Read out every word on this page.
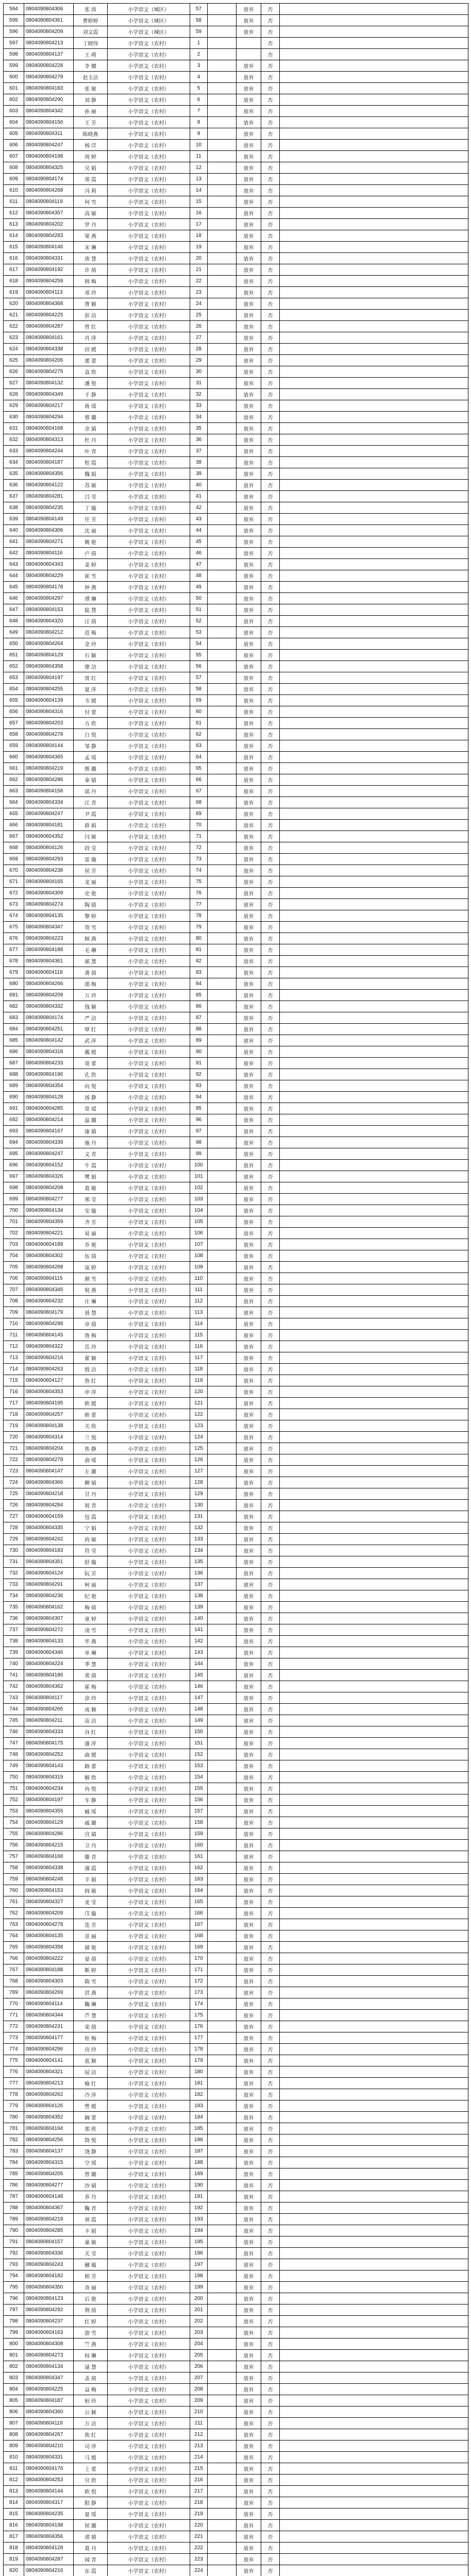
594	0804090804306	张 涛	小学语文（城区）	57		放弃	否	
595	0804090804361	曹婷婷	小学语文（城区）	58		放弃	否	
596	0804090804209	刘文霞	小学语文（城区）	59		放弃	否	
597	0804090804213	丁晓伟	小学语文（农村）	1			否	
598	0804090804137	王 萌	小学语文（农村）	2			否	
599	0804090804228	李 娜	小学语文（农村）	3		放弃	否	
600	0804090804279	赵玉洁	小学语文（农村）	4		放弃	否	
601	0804090804183	张 敏	小学语文（农村）	5		放弃	否	
602	0804090804290	刘 静	小学语文（农村）	6		放弃	否	
603	0804090804342	孙 丽	小学语文（农村）	7		放弃	否	
604	0804090804156	王 芳	小学语文（农村）	8		放弃	否	
605	0804090804311	陈晓燕	小学语文（农村）	9		放弃	否	
606	0804090804247	杨 洋	小学语文（农村）	10		放弃	否	
607	0804090804198	周 婷	小学语文（农村）	11		放弃	否	
608	0804090804325	吴 娟	小学语文（农村）	12		放弃	否	
609	0804090804174	郑 霞	小学语文（农村）	13		放弃	否	
610	0804090804268	冯 莉	小学语文（农村）	14		放弃	否	
611	0804090804119	何 雪	小学语文（农村）	15		放弃	否	
612	0804090804357	高 敏	小学语文（农村）	16		放弃	否	
613	0804090804202	罗 丹	小学语文（农村）	17		放弃	否	
614	0804090804283	梁 燕	小学语文（农村）	18		放弃	否	
615	0804090804146	宋 琳	小学语文（农村）	19		放弃	否	
616	0804090804331	唐 慧	小学语文（农村）	20		放弃	否	
617	0804090804192	许 倩	小学语文（农村）	21		放弃	否	
618	0804090804259	韩 梅	小学语文（农村）	22		放弃	否	
619	0804090804113	邓 玲	小学语文（农村）	23		放弃	否	
620	0804090804368	曹 颖	小学语文（农村）	24		放弃	否	
621	0804090804225	彭 洁	小学语文（农村）	25		放弃	否	
622	0804090804287	曾 红	小学语文（农村）	26		放弃	否	
623	0804090804161	肖 萍	小学语文（农村）	27		放弃	否	
624	0804090804338	田 媛	小学语文（农村）	28		放弃	否	
625	0804090804206	董 蕾	小学语文（农村）	29		放弃	否	
626	0804090804275	袁 欣	小学语文（农村）	30		放弃	否	
627	0804090804132	潘 悦	小学语文（农村）	31		放弃	否	
628	0804090804349	于 静	小学语文（农村）	32		放弃	否	
629	0804090804217	蒋 瑶	小学语文（农村）	33		放弃	否	
630	0804090804294	蔡 璐	小学语文（农村）	34		放弃	否	
631	0804090804168	余 婧	小学语文（农村）	35		放弃	否	
632	0804090804313	杜 丹	小学语文（农村）	36		放弃	否	
633	0804090804244	叶 青	小学语文（农村）	37		放弃	否	
634	0804090804187	程 霞	小学语文（农村）	38		放弃	否	
635	0804090804356	魏 娟	小学语文（农村）	39		放弃	否	
636	0804090804122	苏 敏	小学语文（农村）	40		放弃	否	
637	0804090804281	吕 莹	小学语文（农村）	41		放弃	否	
638	0804090804235	丁 璇	小学语文（农村）	42		放弃	否	
639	0804090804149	任 芳	小学语文（农村）	43		放弃	否	
640	0804090804306	沈 丽	小学语文（农村）	44		放弃	否	
641	0804090804271	姚 艳	小学语文（农村）	45		放弃	否	
642	0804090804116	卢 倩	小学语文（农村）	46		放弃	否	
643	0804090804343	姜 婷	小学语文（农村）	47		放弃	否	
644	0804090804229	崔 雪	小学语文（农村）	48		放弃	否	
645	0804090804178	钟 燕	小学语文（农村）	49		放弃	否	
646	0804090804297	谭 琳	小学语文（农村）	50		放弃	否	
647	0804090804153	陆 慧	小学语文（农村）	51		放弃	否	
648	0804090804320	汪 倩	小学语文（农村）	52		放弃	否	
649	0804090804212	范 梅	小学语文（农村）	53		放弃	否	
650	0804090804264	金 玲	小学语文（农村）	54		放弃	否	
651	0804090804129	石 颖	小学语文（农村）	55		放弃	否	
652	0804090804358	廖 洁	小学语文（农村）	56		放弃	否	
653	0804090804197	贾 红	小学语文（农村）	57		放弃	否	
654	0804090804255	夏 萍	小学语文（农村）	58		放弃	否	
655	0804090804139	韦 媛	小学语文（农村）	59		放弃	否	
656	0804090804316	付 蕾	小学语文（农村）	60		放弃	否	
657	0804090804203	方 欣	小学语文（农村）	61		放弃	否	
658	0804090804278	白 悦	小学语文（农村）	62		放弃	否	
659	0804090804144	邹 静	小学语文（农村）	63		放弃	否	
660	0804090804365	孟 瑶	小学语文（农村）	64		放弃	否	
661	0804090804219	熊 璐	小学语文（农村）	65		放弃	否	
662	0804090804286	秦 婧	小学语文（农村）	66		放弃	否	
663	0804090804158	邱 丹	小学语文（农村）	67		放弃	否	
664	0804090804334	江 青	小学语文（农村）	68		放弃	否	
665	0804090804247	尹 霞	小学语文（农村）	69		放弃	否	
666	0804090804181	薛 娟	小学语文（农村）	70		放弃	否	
667	0804090804352	闫 敏	小学语文（农村）	71		放弃	否	
668	0804090804126	段 莹	小学语文（农村）	72		放弃	否	
669	0804090804293	雷 璇	小学语文（农村）	73		放弃	否	
670	0804090804238	侯 芳	小学语文（农村）	74		放弃	否	
671	0804090804165	龙 丽	小学语文（农村）	75		放弃	否	
672	0804090804309	史 艳	小学语文（农村）	76		放弃	否	
673	0804090804274	陶 倩	小学语文（农村）	77		放弃	否	
674	0804090804135	黎 婷	小学语文（农村）	78		放弃	否	
675	0804090804347	贺 雪	小学语文（农村）	79		放弃	否	
676	0804090804223	顾 燕	小学语文（农村）	80		放弃	否	
677	0804090804188	毛 琳	小学语文（农村）	81		放弃	否	
678	0804090804361	郝 慧	小学语文（农村）	82		放弃	否	
679	0804090804118	龚 倩	小学语文（农村）	83		放弃	否	
680	0804090804266	邵 梅	小学语文（农村）	84		放弃	否	
681	0804090804209	万 玲	小学语文（农村）	85		放弃	否	
682	0804090804332	钱 颖	小学语文（农村）	86		放弃	否	
683	0804090804174	严 洁	小学语文（农村）	87		放弃	否	
684	0804090804251	覃 红	小学语文（农村）	88		放弃	否	
685	0804090804142	武 萍	小学语文（农村）	89		放弃	否	
686	0804090804318	戴 媛	小学语文（农村）	90		放弃	否	
687	0804090804233	莫 蕾	小学语文（农村）	91		放弃	否	
688	0804090804196	孔 欣	小学语文（农村）	92		放弃	否	
689	0804090804354	向 悦	小学语文（农村）	93		放弃	否	
690	0804090804128	汤 静	小学语文（农村）	94		放弃	否	
691	0804090804285	常 瑶	小学语文（农村）	95		放弃	否	
692	0804090804214	温 璐	小学语文（农村）	96		放弃	否	
693	0804090804167	康 婧	小学语文（农村）	97		放弃	否	
694	0804090804339	施 丹	小学语文（农村）	98		放弃	否	
695	0804090804247	文 青	小学语文（农村）	99		放弃	否	
696	0804090804152	牛 霞	小学语文（农村）	100		放弃	否	
697	0804090804326	樊 娟	小学语文（农村）	101		放弃	否	
698	0804090804208	葛 敏	小学语文（农村）	102		放弃	否	
699	0804090804277	邢 莹	小学语文（农村）	103		放弃	否	
700	0804090804134	安 璇	小学语文（农村）	104		放弃	否	
701	0804090804359	齐 芳	小学语文（农村）	105		放弃	否	
702	0804090804221	易 丽	小学语文（农村）	106		放弃	否	
703	0804090804189	乔 艳	小学语文（农村）	107		放弃	否	
704	0804090804302	伍 倩	小学语文（农村）	108		放弃	否	
705	0804090804268	庞 婷	小学语文（农村）	109		放弃	否	
706	0804090804115	颜 雪	小学语文（农村）	110		放弃	否	
707	0804090804345	倪 燕	小学语文（农村）	111		放弃	否	
708	0804090804232	庄 琳	小学语文（农村）	112		放弃	否	
709	0804090804179	聂 慧	小学语文（农村）	113		放弃	否	
710	0804090804298	章 倩	小学语文（农村）	114		放弃	否	
711	0804090804145	鲁 梅	小学语文（农村）	115		放弃	否	
712	0804090804322	岳 玲	小学语文（农村）	116		放弃	否	
713	0804090804216	翟 颖	小学语文（农村）	117		放弃	否	
714	0804090804263	殷 洁	小学语文（农村）	118		放弃	否	
715	0804090804127	詹 红	小学语文（农村）	119		放弃	否	
716	0804090804353	申 萍	小学语文（农村）	120		放弃	否	
717	0804090804195	欧 媛	小学语文（农村）	121		放弃	否	
718	0804090804257	耿 蕾	小学语文（农村）	122		放弃	否	
719	0804090804138	关 欣	小学语文（农村）	123		放弃	否	
720	0804090804314	兰 悦	小学语文（农村）	124		放弃	否	
721	0804090804204	焦 静	小学语文（农村）	125		放弃	否	
722	0804090804279	俞 瑶	小学语文（农村）	126		放弃	否	
723	0804090804147	左 璐	小学语文（农村）	127		放弃	否	
724	0804090804366	柳 婧	小学语文（农村）	128		放弃	否	
725	0804090804218	甘 丹	小学语文（农村）	129		放弃	否	
726	0804090804284	祝 青	小学语文（农村）	130		放弃	否	
727	0804090804159	包 霞	小学语文（农村）	131		放弃	否	
728	0804090804335	宁 娟	小学语文（农村）	132		放弃	否	
729	0804090804242	尚 敏	小学语文（农村）	133		放弃	否	
730	0804090804183	符 莹	小学语文（农村）	134		放弃	否	
731	0804090804351	舒 璇	小学语文（农村）	135		放弃	否	
732	0804090804124	阮 芳	小学语文（农村）	136		放弃	否	
733	0804090804291	柯 丽	小学语文（农村）	137		放弃	否	
734	0804090804236	纪 艳	小学语文（农村）	138		放弃	否	
735	0804090804162	梅 倩	小学语文（农村）	139		放弃	否	
736	0804090804307	童 婷	小学语文（农村）	140		放弃	否	
737	0804090804272	凌 雪	小学语文（农村）	141		放弃	否	
738	0804090804133	毕 燕	小学语文（农村）	142		放弃	否	
739	0804090804346	单 琳	小学语文（农村）	143		放弃	否	
740	0804090804224	季 慧	小学语文（农村）	144		放弃	否	
741	0804090804186	裴 倩	小学语文（农村）	145		放弃	否	
742	0804090804362	霍 梅	小学语文（农村）	146		放弃	否	
743	0804090804117	涂 玲	小学语文（农村）	147		放弃	否	
744	0804090804265	成 颖	小学语文（农村）	148		放弃	否	
745	0804090804211	苗 洁	小学语文（农村）	149		放弃	否	
746	0804090804333	谷 红	小学语文（农村）	150		放弃	否	
747	0804090804175	盛 萍	小学语文（农村）	151		放弃	否	
748	0804090804252	曲 媛	小学语文（农村）	152		放弃	否	
749	0804090804143	路 蕾	小学语文（农村）	153		放弃	否	
750	0804090804319	解 欣	小学语文（农村）	154		放弃	否	
751	0804090804234	冉 悦	小学语文（农村）	155		放弃	否	
752	0804090804197	车 静	小学语文（农村）	156		放弃	否	
753	0804090804355	臧 瑶	小学语文（农村）	157		放弃	否	
754	0804090804129	戚 璐	小学语文（农村）	158		放弃	否	
755	0804090804286	宫 婧	小学语文（农村）	159		放弃	否	
756	0804090804215	卫 丹	小学语文（农村）	160		放弃	否	
757	0804090804168	滕 青	小学语文（农村）	161		放弃	否	
758	0804090804338	蒲 霞	小学语文（农村）	162		放弃	否	
759	0804090804248	辛 娟	小学语文（农村）	163		放弃	否	
760	0804090804153	阎 敏	小学语文（农村）	164		放弃	否	
761	0804090804327	麦 莹	小学语文（农村）	165		放弃	否	
762	0804090804209	邝 璇	小学语文（农村）	166		放弃	否	
763	0804090804278	连 芳	小学语文（农村）	167		放弃	否	
764	0804090804135	景 丽	小学语文（农村）	168		放弃	否	
765	0804090804358	储 艳	小学语文（农村）	169		放弃	否	
766	0804090804222	晏 倩	小学语文（农村）	170		放弃	否	
767	0804090804188	靳 婷	小学语文（农村）	171		放弃	否	
768	0804090804303	隋 雪	小学语文（农村）	172		放弃	否	
769	0804090804269	洪 燕	小学语文（农村）	173		放弃	否	
770	0804090804114	鞠 琳	小学语文（农村）	174		放弃	否	
771	0804090804344	芦 慧	小学语文（农村）	175		放弃	否	
772	0804090804231	栾 倩	小学语文（农村）	176		放弃	否	
773	0804090804177	桂 梅	小学语文（农村）	177		放弃	否	
774	0804090804296	房 玲	小学语文（农村）	178		放弃	否	
775	0804090804141	蓝 颖	小学语文（农村）	179		放弃	否	
776	0804090804321	屈 洁	小学语文（农村）	180		放弃	否	
777	0804090804213	喻 红	小学语文（农村）	181		放弃	否	
778	0804090804262	冷 萍	小学语文（农村）	182		放弃	否	
779	0804090804126	訾 媛	小学语文（农村）	183		放弃	否	
780	0804090804352	阚 蕾	小学语文（农村）	184		放弃	否	
781	0804090804194	那 欣	小学语文（农村）	185		放弃	否	
782	0804090804256	简 悦	小学语文（农村）	186		放弃	否	
783	0804090804137	饶 静	小学语文（农村）	187		放弃	否	
784	0804090804315	空 瑶	小学语文（农村）	188		放弃	否	
785	0804090804205	曾 璐	小学语文（农村）	189		放弃	否	
786	0804090804277	沙 婧	小学语文（农村）	190		放弃	否	
787	0804090804148	养 丹	小学语文（农村）	191		放弃	否	
788	0804090804367	鞠 青	小学语文（农村）	192		放弃	否	
789	0804090804219	须 霞	小学语文（农村）	193		放弃	否	
790	0804090804285	丰 娟	小学语文（农村）	194		放弃	否	
791	0804090804157	巢 敏	小学语文（农村）	195		放弃	否	
792	0804090804336	关 莹	小学语文（农村）	196		放弃	否	
793	0804090804243	蒯 璇	小学语文（农村）	197		放弃	否	
794	0804090804182	相 芳	小学语文（农村）	198		放弃	否	
795	0804090804350	查 丽	小学语文（农村）	199		放弃	否	
796	0804090804123	后 艳	小学语文（农村）	200		放弃	否	
797	0804090804292	荆 倩	小学语文（农村）	201		放弃	否	
798	0804090804237	红 婷	小学语文（农村）	202		放弃	否	
799	0804090804163	游 雪	小学语文（农村）	203		放弃	否	
800	0804090804308	竺 燕	小学语文（农村）	204		放弃	否	
801	0804090804273	权 琳	小学语文（农村）	205		放弃	否	
802	0804090804134	逯 慧	小学语文（农村）	206		放弃	否	
803	0804090804347	盖 倩	小学语文（农村）	207		放弃	否	
804	0804090804225	益 梅	小学语文（农村）	208		放弃	否	
805	0804090804187	桓 玲	小学语文（农村）	209		放弃	否	
806	0804090804360	公 颖	小学语文（农村）	210		放弃	否	
807	0804090804119	万 洁	小学语文（农村）	211		放弃	否	
808	0804090804267	俟 红	小学语文（农村）	212		放弃	否	
809	0804090804210	司 萍	小学语文（农村）	213		放弃	否	
810	0804090804331	马 媛	小学语文（农村）	214		放弃	否	
811	0804090804176	上 蕾	小学语文（农村）	215		放弃	否	
812	0804090804253	官 欣	小学语文（农村）	216		放弃	否	
813	0804090804144	欧 悦	小学语文（农村）	217		放弃	否	
814	0804090804317	阳 静	小学语文（农村）	218		放弃	否	
815	0804090804235	夏 瑶	小学语文（农村）	219		放弃	否	
816	0804090804198	侯 璐	小学语文（农村）	220		放弃	否	
817	0804090804356	诸 婧	小学语文（农村）	221		放弃	否	
818	0804090804128	葛 丹	小学语文（农村）	222		放弃	否	
819	0804090804287	闻 青	小学语文（农村）	223		放弃	否	
820	0804090804216	东 霞	小学语文（农村）	224		放弃	否	
